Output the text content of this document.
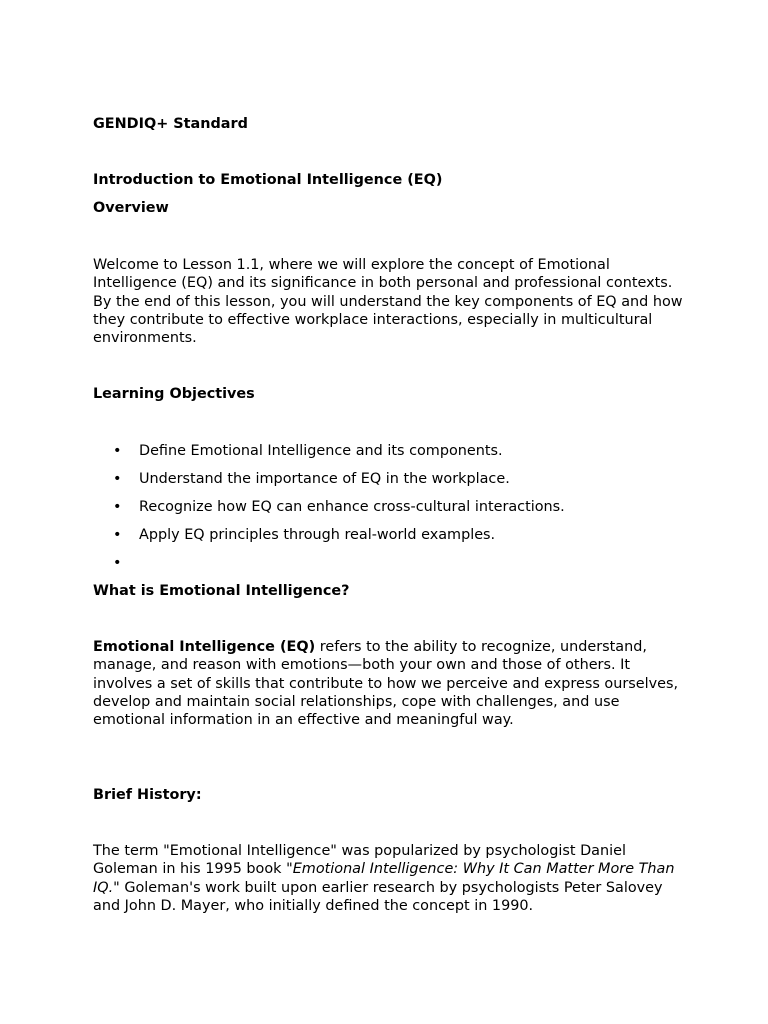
GENDIQ+ Standard

Introduction to Emotional Intelligence (EQ)

Overview

Welcome to Lesson 1.1, where we will explore the concept of Emotional Intelligence (EQ) and its significance in both personal and professional contexts. By the end of this lesson, you will understand the key components of EQ and how they contribute to effective workplace interactions, especially in multicultural environments.

Learning Objectives

• Define Emotional Intelligence and its components.
• Understand the importance of EQ in the workplace.
• Recognize how EQ can enhance cross-cultural interactions.
• Apply EQ principles through real-world examples.
•

What is Emotional Intelligence?

Emotional Intelligence (EQ) refers to the ability to recognize, understand, manage, and reason with emotions—both your own and those of others. It involves a set of skills that contribute to how we perceive and express ourselves, develop and maintain social relationships, cope with challenges, and use emotional information in an effective and meaningful way.

Brief History:

The term "Emotional Intelligence" was popularized by psychologist Daniel Goleman in his 1995 book "Emotional Intelligence: Why It Can Matter More Than IQ." Goleman's work built upon earlier research by psychologists Peter Salovey and John D. Mayer, who initially defined the concept in 1990.
